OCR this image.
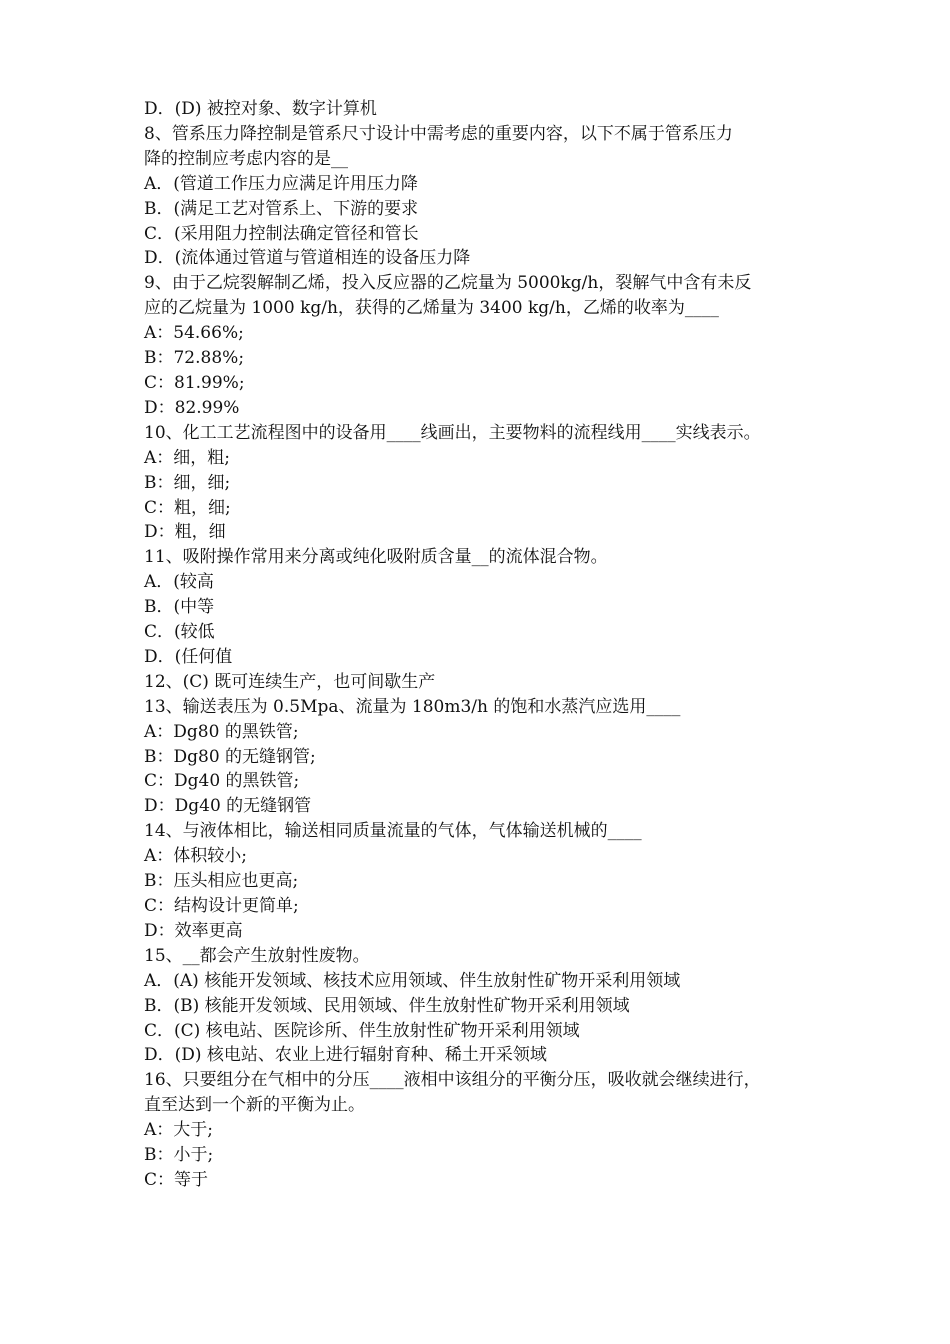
D．(D) 被控对象、数字计算机
8、管系压力降控制是管系尺寸设计中需考虑的重要内容，以下不属于管系压力
降的控制应考虑内容的是__
A．(管道工作压力应满足许用压力降
B．(满足工艺对管系上、下游的要求
C．(采用阻力控制法确定管径和管长
D．(流体通过管道与管道相连的设备压力降
9、由于乙烷裂解制乙烯，投入反应器的乙烷量为 5000kg/h，裂解气中含有未反
应的乙烷量为 1000 kg/h，获得的乙烯量为 3400 kg/h，乙烯的收率为____
A：54.66%;
B：72.88%;
C：81.99%;
D：82.99%
10、化工工艺流程图中的设备用____线画出，主要物料的流程线用____实线表示。
A：细，粗;
B：细，细;
C：粗，细;
D：粗，细
11、吸附操作常用来分离或纯化吸附质含量__的流体混合物。
A．(较高
B．(中等
C．(较低
D．(任何值
12、(C) 既可连续生产，也可间歇生产
13、输送表压为 0.5Mpa、流量为 180m3/h 的饱和水蒸汽应选用____
A：Dg80 的黑铁管;
B：Dg80 的无缝钢管;
C：Dg40 的黑铁管;
D：Dg40 的无缝钢管
14、与液体相比，输送相同质量流量的气体，气体输送机械的____
A：体积较小;
B：压头相应也更高;
C：结构设计更简单;
D：效率更高
15、__都会产生放射性废物。
A．(A) 核能开发领域、核技术应用领域、伴生放射性矿物开采利用领域
B．(B) 核能开发领域、民用领域、伴生放射性矿物开采利用领域
C．(C) 核电站、医院诊所、伴生放射性矿物开采利用领域
D．(D) 核电站、农业上进行辐射育种、稀土开采领域
16、只要组分在气相中的分压____液相中该组分的平衡分压，吸收就会继续进行，
直至达到一个新的平衡为止。
A：大于;
B：小于;
C：等于
